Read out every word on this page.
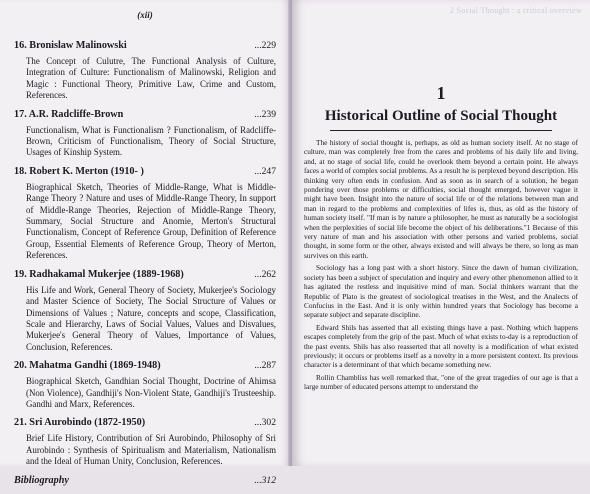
(xii)
16. Bronislaw Malinowski	...229
The Concept of Culutre, The Functional Analysis of Culture, Integration of Culture: Functionalism of Malinowski, Religion and Magic : Functional Theory, Primitive Law, Crime and Custom, References.
17. A.R. Radcliffe-Brown	...239
Functionalism, What is Functionalism ? Functionalism, of Radcliffe-Brown, Criticism of Functionalism, Theory of Social Structure, Usages of Kinship System.
18. Robert K. Merton (1910- )	...247
Biographical Sketch, Theories of Middle-Range, What is Middle-Range Theory ? Nature and uses of Middle-Range Theory, In support of Middle-Range Theories, Rejection of Middle-Range Theory, Summary, Social Structure and Anomie, Merton's Structural Functionalism, Concept of Reference Group, Definition of Reference Group, Essential Elements of Reference Group, Theory of Merton, References.
19. Radhakamal Mukerjee (1889-1968)	...262
His Life and Work, General Theory of Society, Mukerjee's Sociology and Master Science of Society, The Social Structure of Values or Dimensions of Values ; Nature, concepts and scope, Classification, Scale and Hierarchy, Laws of Social Values, Values and Disvalues, Mukerjee's General Theory of Values, Importance of Values, Conclusion, References.
20. Mahatma Gandhi (1869-1948)	...287
Biographical Sketch, Gandhian Social Thought, Doctrine of Ahimsa (Non Violence), Gandhiji's Non-Violent State, Gandhiji's Trusteeship. Gandhi and Marx, References.
21. Sri Aurobindo (1872-1950)	...302
Brief Life History, Contribution of Sri Aurobindo, Philosophy of Sri Aurobindo : Synthesis of Spiritualism and Materialism, Nationalism and the Ideal of Human Unity, Conclusion, References.
Bibliography	...312
2 Social Thought : a critical overview
1
Historical Outline of Social Thought

The history of social thought is, perhaps, as old as human society itself. At no stage of culture, man was completely free from the cares and problems of his daily life and living, and, at no stage of social life, could he overlook them beyond a certain point. He always faces a world of complex social problems. As a result he is perplexed beyond description. His thinking very often ends in confusion. And as soon as in search of a solution, he began pondering over those problems or difficulties, social thought emerged, however vague it might have been. Insight into the nature of social life or of the relations between man and man in regard to the problems and complexities of lifes is, thus, as old as the history of human society itself. "If man is by nature a philosopher, he must as naturally be a sociologist when the perplexities of social life become the object of his deliberations."1 Because of this very nature of man and his association with other persons and varied problems, social thought, in some form or the other, always existed and will always be there, so long as man survives on this earth.

Sociology has a long past with a short history. Since the dawn of human civilization, society has been a subject of speculation and inquiry and every other phenomenon allied to it has agitated the restless and inquisitive mind of man. Social thinkers warrant that the Republic of Plato is the greatest of sociological treatises in the West, and the Analects of Confucius in the East. And it is only within hundred years that Sociology has become a separate subject and separate discipline.

Edward Shils has asserted that all existing things have a past. Nothing which happens escapes completely from the grip of the past. Much of what exists to-day is a reproduction of the past events. Shils has also reasserted that all novelty is a modification of what existed previously; it occurs or problems itself as a novelty in a more persistent context. Its previous character is a determinant of that which became something new.

Rollin Chambliss has well remarked that, "one of the great tragedies of our age is that a large number of educated persons attempt to understand the
